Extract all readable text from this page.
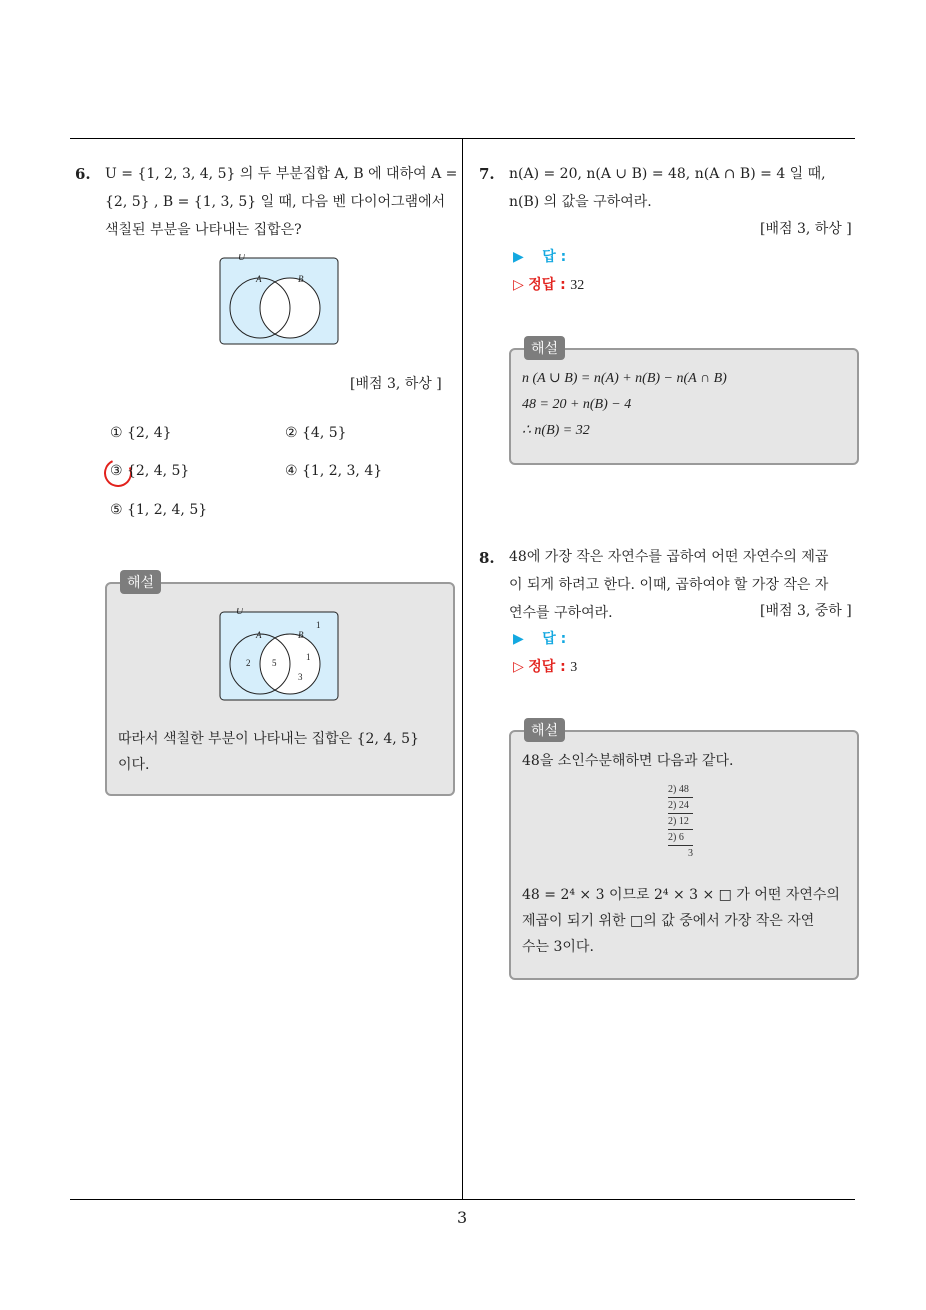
6. U = {1, 2, 3, 4, 5} 의 두 부분집합 A, B 에 대하여 A =
{2, 5} , B = {1, 3, 5} 일 때, 다음 벤 다이어그램에서
색칠된 부분을 나타내는 집합은?
U
A	B
[배점 3, 하상 ]
① {2, 4}	② {4, 5}
③ {2, 4, 5}	④ {1, 2, 3, 4}
⑤ {1, 2, 4, 5}
해설
U
A	B
1
2 5
1
3
따라서 색칠한 부분이 나타내는 집합은 {2, 4, 5}
이다.
7. n(A) = 20, n(A ∪ B) = 48, n(A ∩ B) = 4 일 때,
n(B) 의 값을 구하여라.
[배점 3, 하상 ]
▶ 답 :
▷ 정답 : 32
해설
n (A ∪ B) = n(A) + n(B) − n(A ∩ B)
48 = 20 + n(B) − 4
∴ n(B) = 32
8. 48에 가장 작은 자연수를 곱하여 어떤 자연수의 제곱
이 되게 하려고 한다. 이때, 곱하여야 할 가장 작은 자
연수를 구하여라.	[배점 3, 중하 ]
▶ 답 :
▷ 정답 : 3
해설
48을 소인수분해하면 다음과 같다.
2) 48
2) 24
2) 12
2) 6
3
48 = 2⁴ × 3 이므로 2⁴ × 3 × □ 가 어떤 자연수의
제곱이 되기 위한 □의 값 중에서 가장 작은 자연
수는 3이다.
3
